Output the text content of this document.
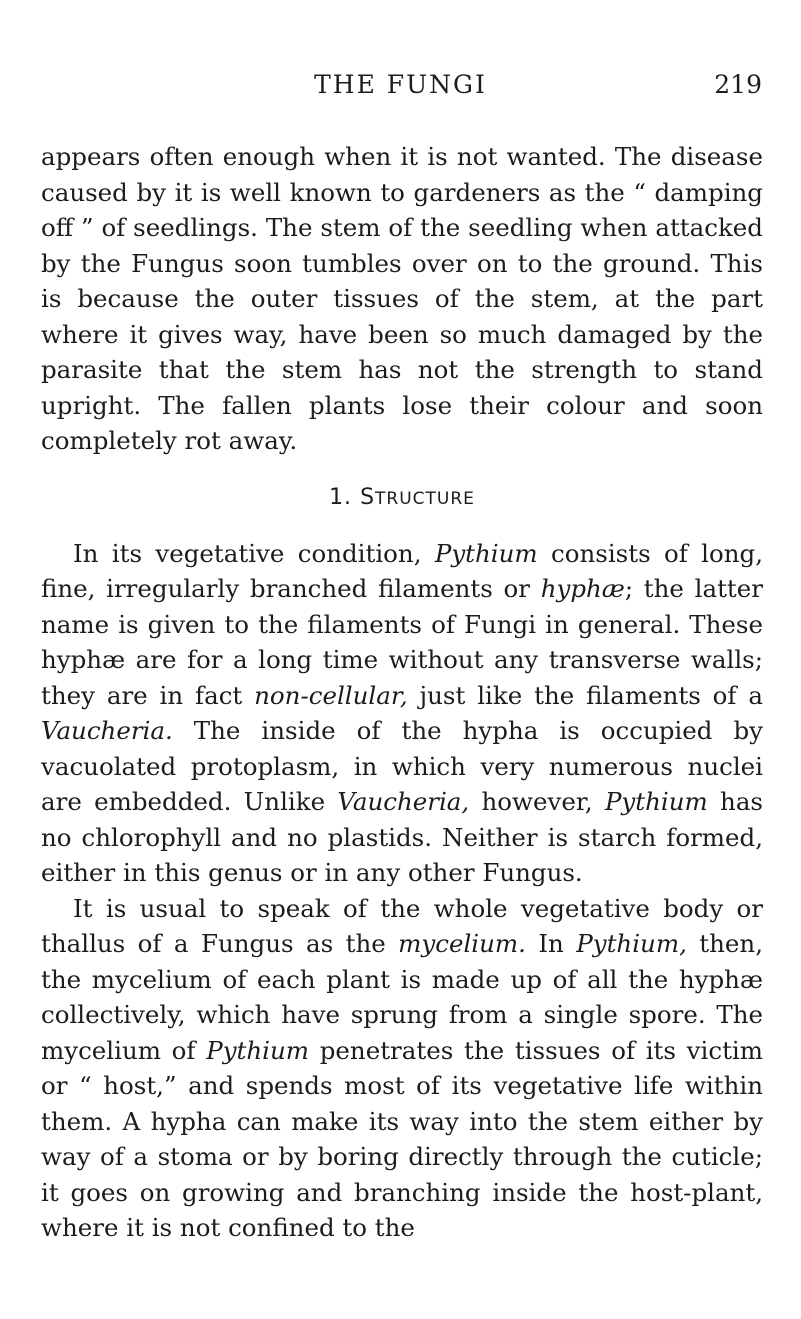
THE FUNGI	219

appears often enough when it is not wanted. The disease caused by it is well known to gardeners as the “ damping off ” of seedlings. The stem of the seedling when attacked by the Fungus soon tumbles over on to the ground. This is because the outer tissues of the stem, at the part where it gives way, have been so much damaged by the parasite that the stem has not the strength to stand upright. The fallen plants lose their colour and soon completely rot away.

1. STRUCTURE

In its vegetative condition, Pythium consists of long, fine, irregularly branched filaments or hyphæ; the latter name is given to the filaments of Fungi in general. These hyphæ are for a long time without any transverse walls; they are in fact non-cellular, just like the filaments of a Vaucheria. The inside of the hypha is occupied by vacuolated protoplasm, in which very numerous nuclei are embedded. Unlike Vaucheria, however, Pythium has no chlorophyll and no plastids. Neither is starch formed, either in this genus or in any other Fungus.

It is usual to speak of the whole vegetative body or thallus of a Fungus as the mycelium. In Pythium, then, the mycelium of each plant is made up of all the hyphæ collectively, which have sprung from a single spore. The mycelium of Pythium penetrates the tissues of its victim or “ host,” and spends most of its vegetative life within them. A hypha can make its way into the stem either by way of a stoma or by boring directly through the cuticle; it goes on growing and branching inside the host-plant, where it is not confined to the
